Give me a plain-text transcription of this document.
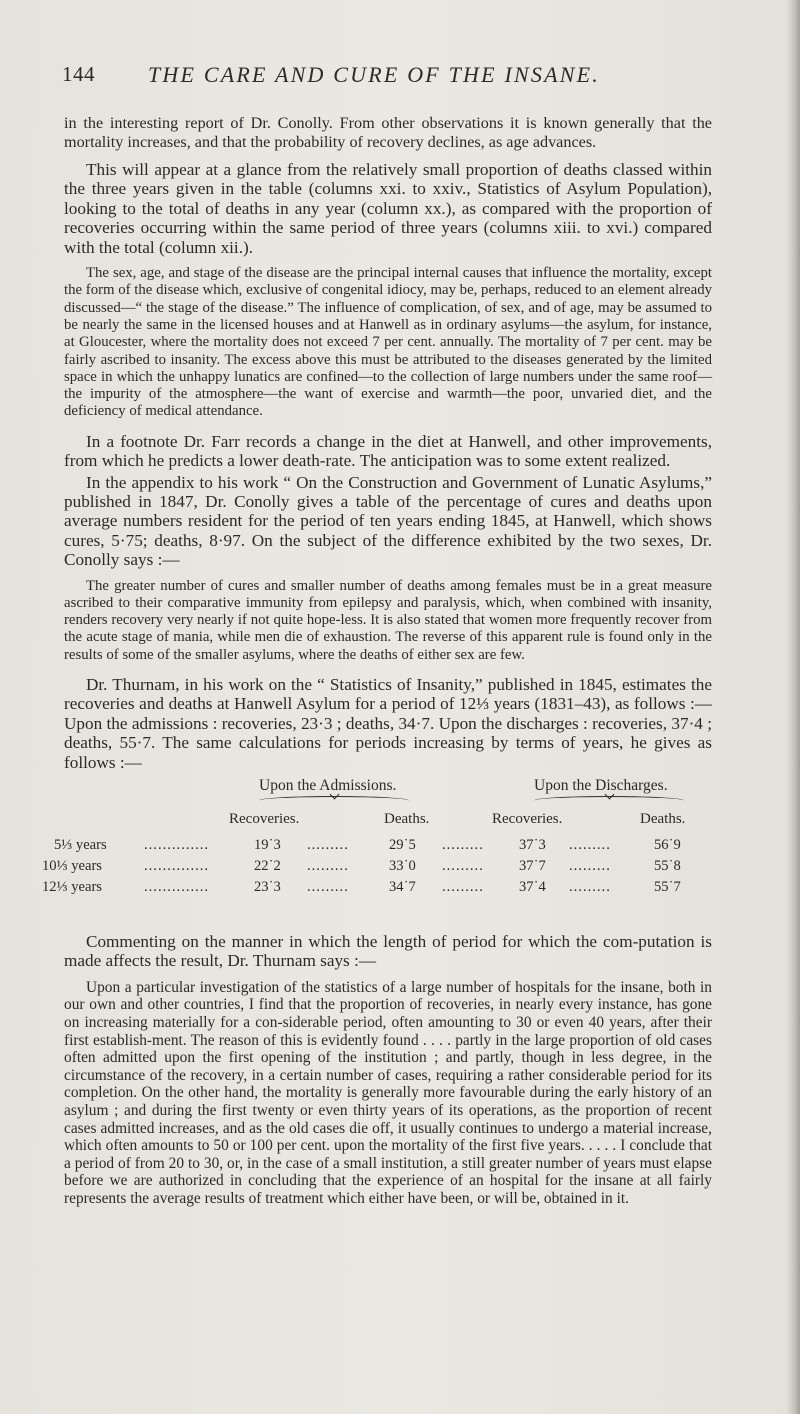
144 THE CARE AND CURE OF THE INSANE.

in the interesting report of Dr. Conolly. From other observations it is known generally that the mortality increases, and that the probability of recovery declines, as age advances.

This will appear at a glance from the relatively small proportion of deaths classed within the three years given in the table (columns xxi. to xxiv., Statistics of Asylum Population), looking to the total of deaths in any year (column xx.), as compared with the proportion of recoveries occurring within the same period of three years (columns xiii. to xvi.) compared with the total (column xii.).

The sex, age, and stage of the disease are the principal internal causes that influence the mortality, except the form of the disease which, exclusive of congenital idiocy, may be, perhaps, reduced to an element already discussed—“ the stage of the disease.” The influence of complication, of sex, and of age, may be assumed to be nearly the same in the licensed houses and at Hanwell as in ordinary asylums—the asylum, for instance, at Gloucester, where the mortality does not exceed 7 per cent. annually. The mortality of 7 per cent. may be fairly ascribed to insanity. The excess above this must be attributed to the diseases generated by the limited space in which the unhappy lunatics are confined—to the collection of large numbers under the same roof—the impurity of the atmosphere—the want of exercise and warmth—the poor, unvaried diet, and the deficiency of medical attendance.

In a footnote Dr. Farr records a change in the diet at Hanwell, and other improvements, from which he predicts a lower death-rate. The anticipation was to some extent realized.

In the appendix to his work “ On the Construction and Government of Lunatic Asylums,” published in 1847, Dr. Conolly gives a table of the percentage of cures and deaths upon average numbers resident for the period of ten years ending 1845, at Hanwell, which shows cures, 5·75; deaths, 8·97. On the subject of the difference exhibited by the two sexes, Dr. Conolly says :—

The greater number of cures and smaller number of deaths among females must be in a great measure ascribed to their comparative immunity from epilepsy and paralysis, which, when combined with insanity, renders recovery very nearly if not quite hope-less. It is also stated that women more frequently recover from the acute stage of mania, while men die of exhaustion. The reverse of this apparent rule is found only in the results of some of the smaller asylums, where the deaths of either sex are few.

Dr. Thurnam, in his work on the “ Statistics of Insanity,” published in 1845, estimates the recoveries and deaths at Hanwell Asylum for a period of 12⅓ years (1831–43), as follows :—Upon the admissions : recoveries, 23·3 ; deaths, 34·7. Upon the discharges : recoveries, 37·4 ; deaths, 55·7. The same calculations for periods increasing by terms of years, he gives as follows :—

Upon the Admissions.	Upon the Discharges.
Recoveries.	Deaths.	Recoveries.	Deaths.
5⅓ years	..............	19˙3 .........	29˙5 ......... 37˙3 .........	56˙9
10⅓ years	..............	22˙2 .........	33˙0 ......... 37˙7 .........	55˙8
12⅓ years	..............	23˙3 .........	34˙7 ......... 37˙4 .........	55˙7

Commenting on the manner in which the length of period for which the com-putation is made affects the result, Dr. Thurnam says :—

Upon a particular investigation of the statistics of a large number of hospitals for the insane, both in our own and other countries, I find that the proportion of recoveries, in nearly every instance, has gone on increasing materially for a con-siderable period, often amounting to 30 or even 40 years, after their first establish-ment. The reason of this is evidently found . . . . partly in the large proportion of old cases often admitted upon the first opening of the institution ; and partly, though in less degree, in the circumstance of the recovery, in a certain number of cases, requiring a rather considerable period for its completion. On the other hand, the mortality is generally more favourable during the early history of an asylum ; and during the first twenty or even thirty years of its operations, as the proportion of recent cases admitted increases, and as the old cases die off, it usually continues to undergo a material increase, which often amounts to 50 or 100 per cent. upon the mortality of the first five years. . . . . I conclude that a period of from 20 to 30, or, in the case of a small institution, a still greater number of years must elapse before we are authorized in concluding that the experience of an hospital for the insane at all fairly represents the average results of treatment which either have been, or will be, obtained in it.
